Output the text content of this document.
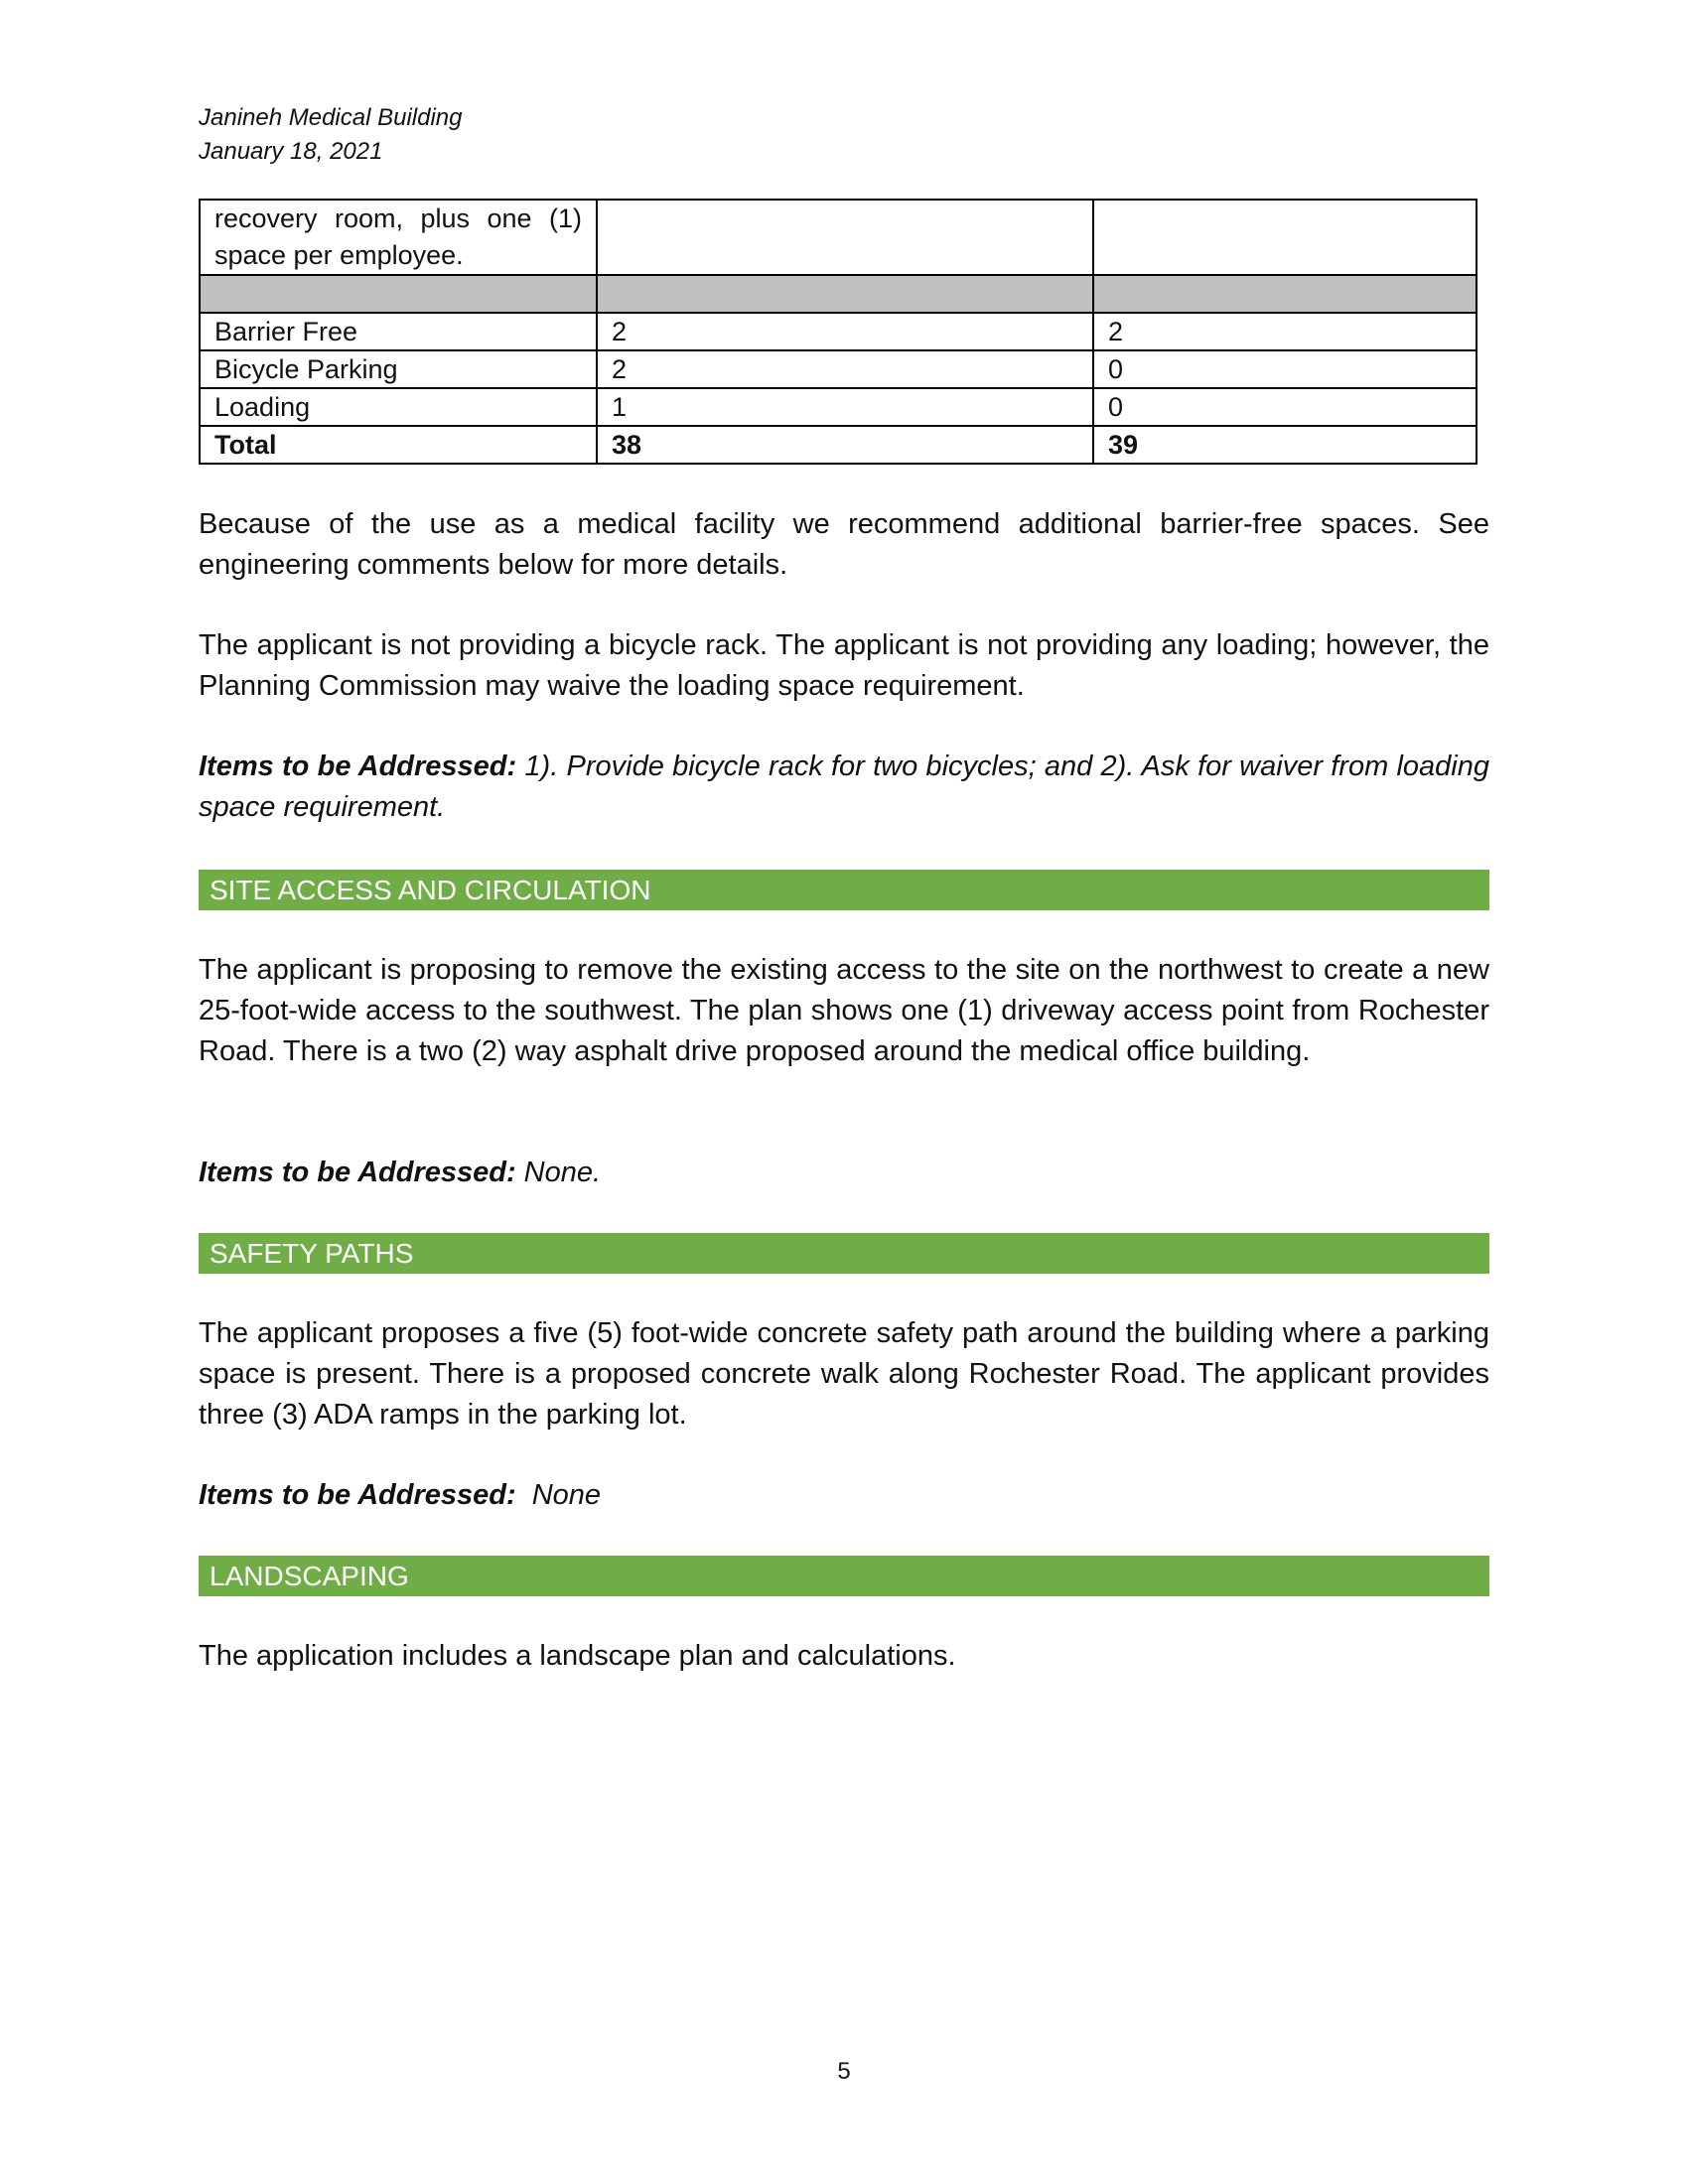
Janineh Medical Building
January 18, 2021
recovery room, plus one (1) space per employee.		

Barrier Free	2	2
Bicycle Parking	2	0
Loading	1	0
Total	38	39
Because of the use as a medical facility we recommend additional barrier-free spaces. See engineering comments below for more details.
The applicant is not providing a bicycle rack. The applicant is not providing any loading; however, the Planning Commission may waive the loading space requirement.
Items to be Addressed: 1). Provide bicycle rack for two bicycles; and 2). Ask for waiver from loading space requirement.
SITE ACCESS AND CIRCULATION
The applicant is proposing to remove the existing access to the site on the northwest to create a new 25-foot-wide access to the southwest. The plan shows one (1) driveway access point from Rochester Road. There is a two (2) way asphalt drive proposed around the medical office building.
Items to be Addressed: None.
SAFETY PATHS
The applicant proposes a five (5) foot-wide concrete safety path around the building where a parking space is present. There is a proposed concrete walk along Rochester Road. The applicant provides three (3) ADA ramps in the parking lot.
Items to be Addressed:  None
LANDSCAPING
The application includes a landscape plan and calculations.
5
